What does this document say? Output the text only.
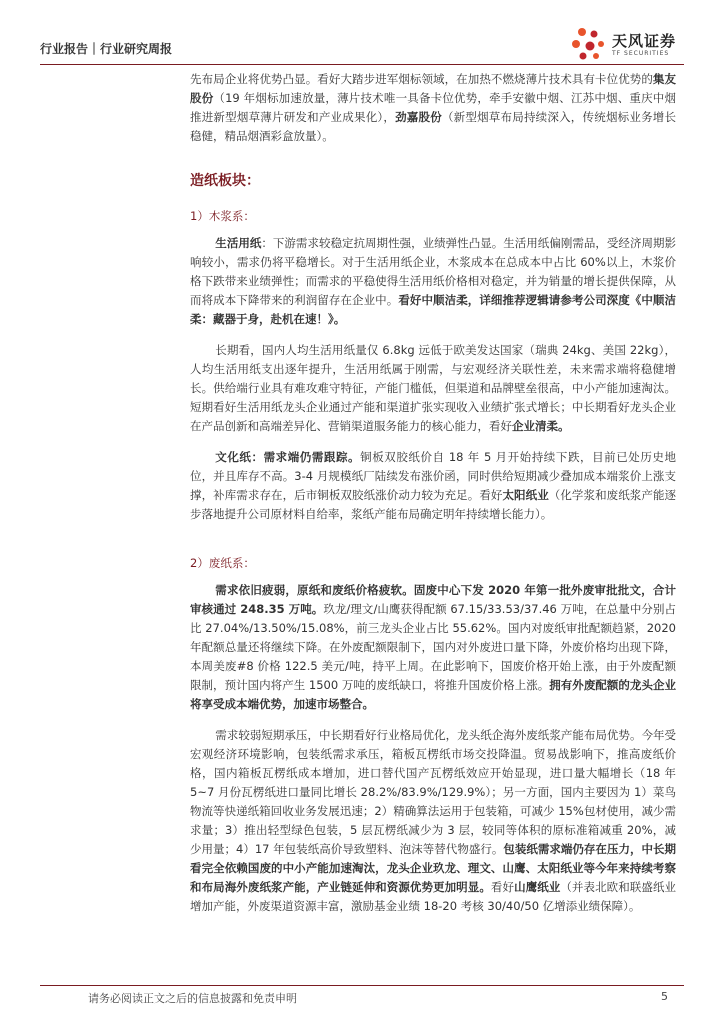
行业报告｜行业研究周报	天风证券
TF SECURITIES

先布局企业将优势凸显。看好大踏步进军烟标领域，在加热不燃烧薄片技术具有卡位优势的集友股份（19 年烟标加速放量，薄片技术唯一具备卡位优势，牵手安徽中烟、江苏中烟、重庆中烟推进新型烟草薄片研发和产业成果化），劲嘉股份（新型烟草布局持续深入，传统烟标业务增长稳健，精品烟酒彩盒放量）。

造纸板块：

1）木浆系：

生活用纸：下游需求较稳定抗周期性强，业绩弹性凸显。生活用纸偏刚需品，受经济周期影响较小，需求仍将平稳增长。对于生活用纸企业，木浆成本在总成本中占比 60%以上，木浆价格下跌带来业绩弹性；而需求的平稳使得生活用纸价格相对稳定，并为销量的增长提供保障，从而将成本下降带来的利润留存在企业中。看好中顺洁柔，详细推荐逻辑请参考公司深度《中顺洁柔：藏器于身，赴机在速！》。

长期看，国内人均生活用纸量仅 6.8kg 远低于欧美发达国家（瑞典 24kg、美国 22kg），人均生活用纸支出逐年提升，生活用纸属于刚需，与宏观经济关联性差，未来需求端将稳健增长。供给端行业具有难攻难守特征，产能门槛低，但渠道和品牌壁垒很高，中小产能加速淘汰。短期看好生活用纸龙头企业通过产能和渠道扩张实现收入业绩扩张式增长；中长期看好龙头企业在产品创新和高端差异化、营销渠道服务能力的核心能力，看好企业清柔。

文化纸：需求端仍需跟踪。铜板双胶纸价自 18 年 5 月开始持续下跌，目前已处历史地位，并且库存不高。3-4 月规模纸厂陆续发布涨价函，同时供给短期减少叠加成本端浆价上涨支撑，补库需求存在，后市铜板双胶纸涨价动力较为充足。看好太阳纸业（化学浆和废纸浆产能逐步落地提升公司原材料自给率，浆纸产能布局确定明年持续增长能力）。

2）废纸系：

需求依旧疲弱，原纸和废纸价格疲软。固废中心下发 2020 年第一批外废审批批文，合计审核通过 248.35 万吨。玖龙/理文/山鹰获得配额 67.15/33.53/37.46 万吨，在总量中分别占比 27.04%/13.50%/15.08%，前三龙头企业占比 55.62%。国内对废纸审批配额趋紧，2020 年配额总量还将继续下降。在外废配额限制下，国内对外废进口量下降，外废价格均出现下降，本周美废#8 价格 122.5 美元/吨，持平上周。在此影响下，国废价格开始上涨，由于外废配额限制，预计国内将产生 1500 万吨的废纸缺口，将推升国废价格上涨。拥有外废配额的龙头企业将享受成本端优势，加速市场整合。

需求较弱短期承压，中长期看好行业格局优化，龙头纸企海外废纸浆产能布局优势。今年受宏观经济环境影响，包装纸需求承压，箱板瓦楞纸市场交投降温。贸易战影响下，推高废纸价格，国内箱板瓦楞纸成本增加，进口替代国产瓦楞纸效应开始显现，进口量大幅增长（18 年 5~7 月份瓦楞纸进口量同比增长 28.2%/83.9%/129.9%）；另一方面，国内主要因为 1）菜鸟物流等快递纸箱回收业务发展迅速；2）精确算法运用于包装箱，可减少 15%包材使用，减少需求量；3）推出轻型绿色包装，5 层瓦楞纸减少为 3 层，较同等体积的原标准箱减重 20%，减少用量；4）17 年包装纸高价导致塑料、泡沫等替代物盛行。包装纸需求端仍存在压力，中长期看完全依赖国废的中小产能加速淘汰，龙头企业玖龙、理文、山鹰、太阳纸业等今年来持续考察和布局海外废纸浆产能，产业链延伸和资源优势更加明显。看好山鹰纸业（并表北欧和联盛纸业增加产能，外废渠道资源丰富，激励基金业绩 18-20 考核 30/40/50 亿增添业绩保障）。

请务必阅读正文之后的信息披露和免责申明	5
